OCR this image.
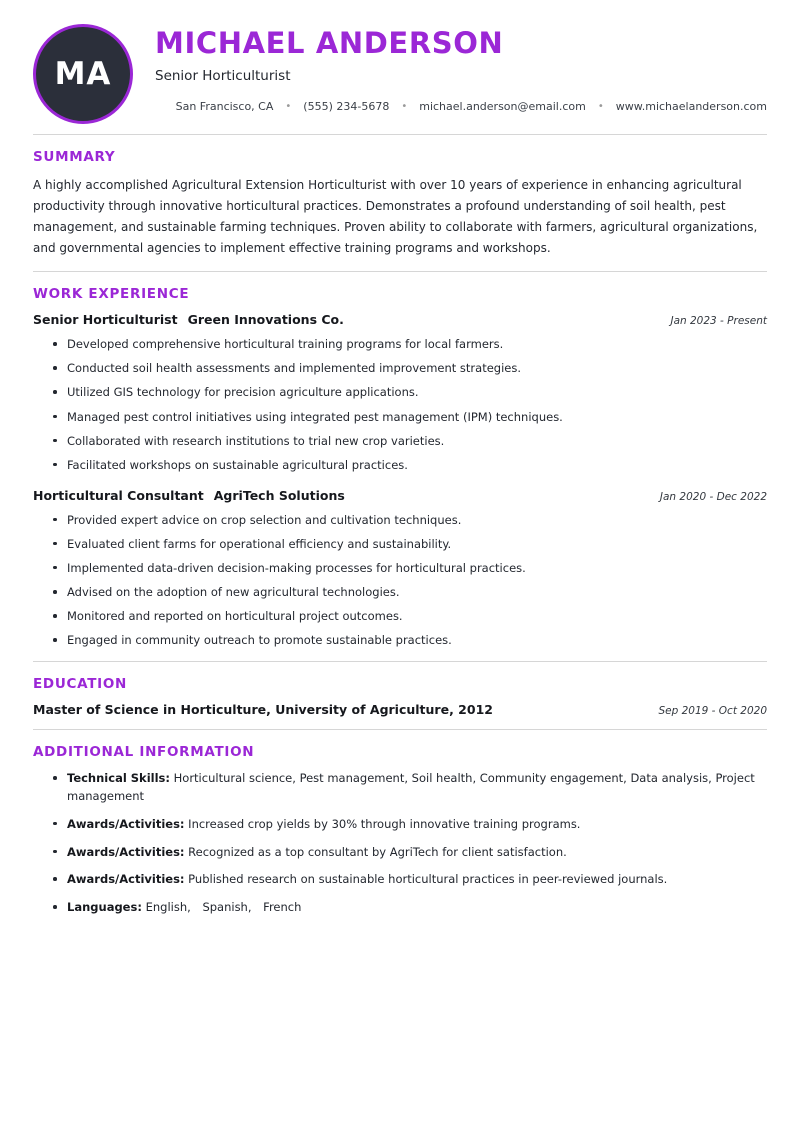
MA
MICHAEL ANDERSON
Senior Horticulturist
San Francisco, CA	•	(555) 234-5678	•	michael.anderson@email.com	•	www.michaelanderson.com
SUMMARY

A highly accomplished Agricultural Extension Horticulturist with over 10 years of experience in enhancing agricultural productivity through innovative horticultural practices. Demonstrates a profound understanding of soil health, pest management, and sustainable farming techniques. Proven ability to collaborate with farmers, agricultural organizations, and governmental agencies to implement effective training programs and workshops.

WORK EXPERIENCE
Senior Horticulturist Green Innovations Co.	Jan 2023 - Present
Developed comprehensive horticultural training programs for local farmers.
Conducted soil health assessments and implemented improvement strategies.
Utilized GIS technology for precision agriculture applications.
Managed pest control initiatives using integrated pest management (IPM) techniques.
Collaborated with research institutions to trial new crop varieties.
Facilitated workshops on sustainable agricultural practices.
Horticultural Consultant AgriTech Solutions	Jan 2020 - Dec 2022
Provided expert advice on crop selection and cultivation techniques.
Evaluated client farms for operational efficiency and sustainability.
Implemented data-driven decision-making processes for horticultural practices.
Advised on the adoption of new agricultural technologies.
Monitored and reported on horticultural project outcomes.
Engaged in community outreach to promote sustainable practices.
EDUCATION
Master of Science in Horticulture, University of Agriculture, 2012	Sep 2019 - Oct 2020
ADDITIONAL INFORMATION
Technical Skills: Horticultural science, Pest management, Soil health, Community engagement, Data analysis, Project management
Awards/Activities: Increased crop yields by 30% through innovative training programs.
Awards/Activities: Recognized as a top consultant by AgriTech for client satisfaction.
Awards/Activities: Published research on sustainable horticultural practices in peer-reviewed journals.
Languages: English, Spanish, French
